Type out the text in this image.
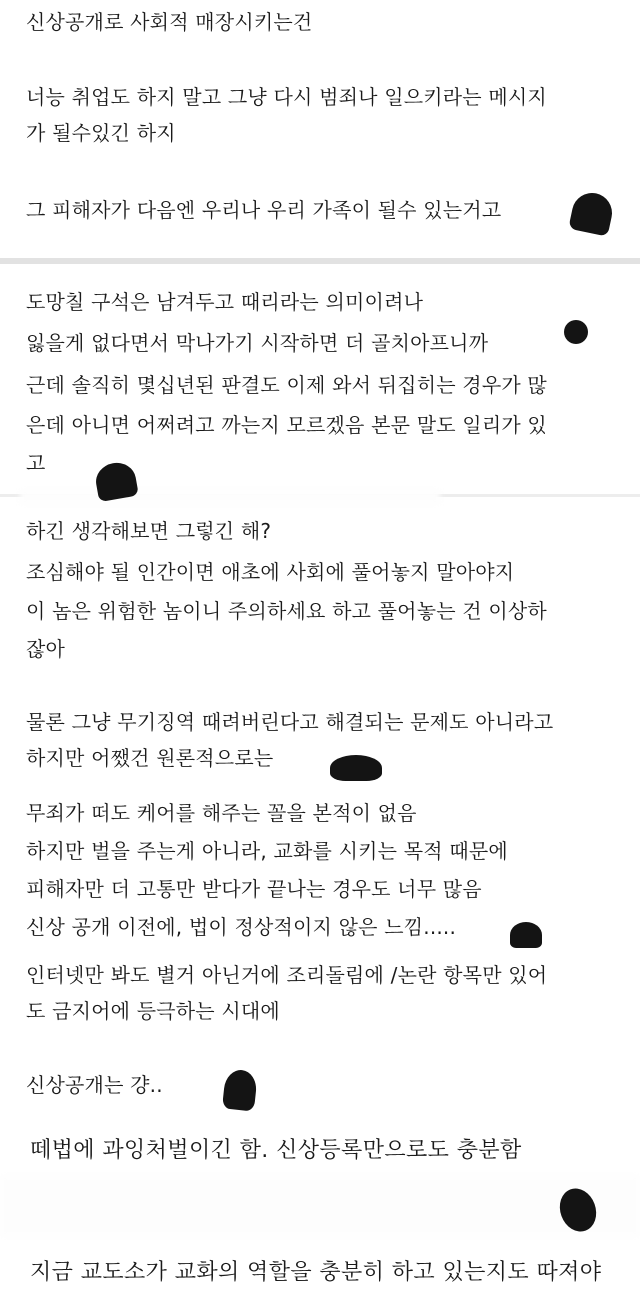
신상공개로 사회적 매장시키는건
너능 취업도 하지 말고 그냥 다시 범죄나 일으키라는 메시지
가 될수있긴 하지
그 피해자가 다음엔 우리나 우리 가족이 될수 있는거고
도망칠 구석은 남겨두고 때리라는 의미이려나
잃을게 없다면서 막나가기 시작하면 더 골치아프니까
근데 솔직히 몇십년된 판결도 이제 와서 뒤집히는 경우가 많
은데 아니면 어쩌려고 까는지 모르겠음 본문 말도 일리가 있
고
하긴 생각해보면 그렇긴 해?
조심해야 될 인간이면 애초에 사회에 풀어놓지 말아야지
이 놈은 위험한 놈이니 주의하세요 하고 풀어놓는 건 이상하
잖아
물론 그냥 무기징역 때려버린다고 해결되는 문제도 아니라고
하지만 어쨌건 원론적으로는
무죄가 떠도 케어를 해주는 꼴을 본적이 없음
하지만 벌을 주는게 아니라, 교화를 시키는 목적 때문에
피해자만 더 고통만 받다가 끝나는 경우도 너무 많음
신상 공개 이전에, 법이 정상적이지 않은 느낌.....
인터넷만 봐도 별거 아닌거에 조리돌림에 /논란 항목만 있어
도 금지어에 등극하는 시대에
신상공개는 걍..
떼법에 과잉처벌이긴 함. 신상등록만으로도 충분함
지금 교도소가 교화의 역할을 충분히 하고 있는지도 따져야
